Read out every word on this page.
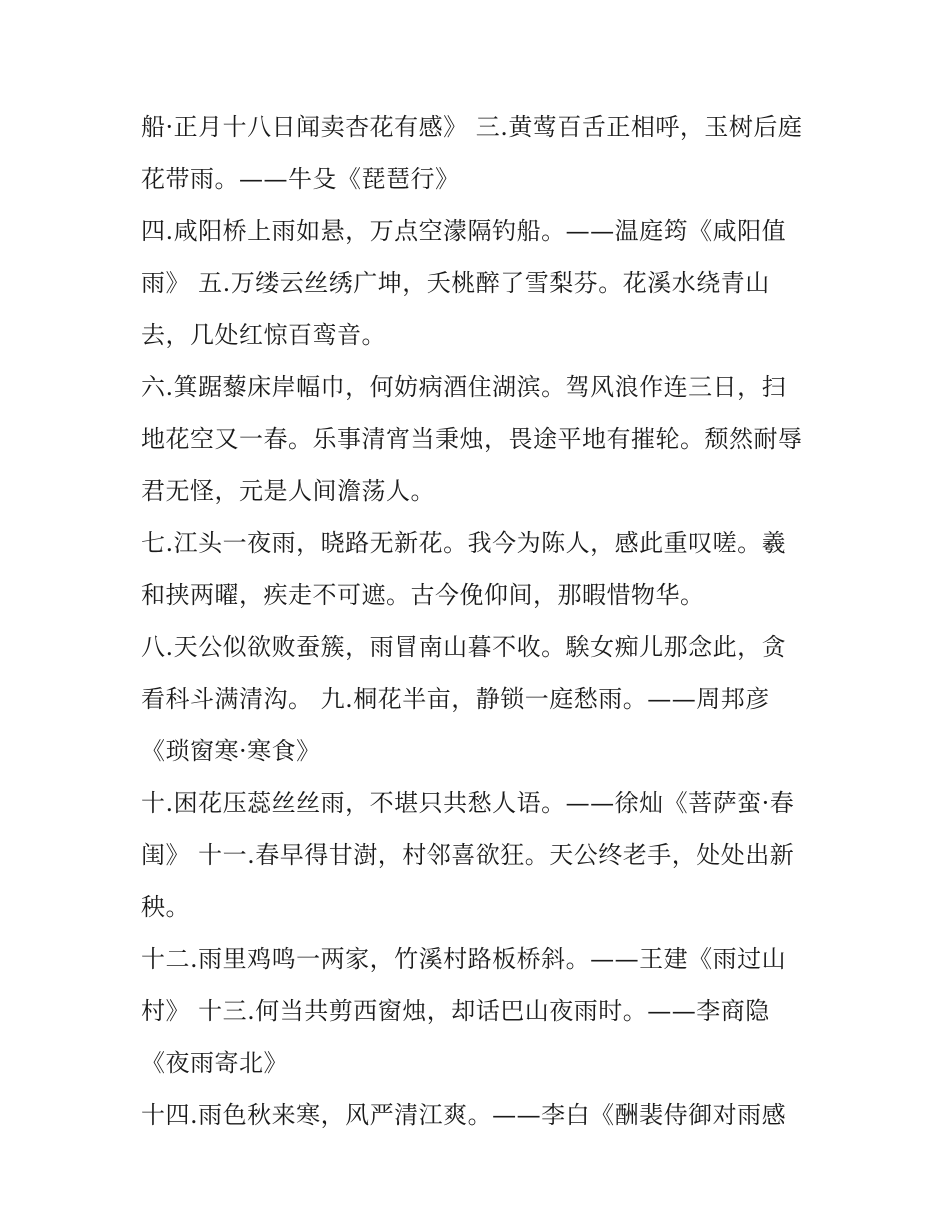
船·正月十八日闻卖杏花有感》 三.黄莺百舌正相呼，玉树后庭

花带雨。——牛殳《琵琶行》

四.咸阳桥上雨如悬，万点空濛隔钓船。——温庭筠《咸阳值

雨》 五.万缕云丝绣广坤，夭桃醉了雪梨芬。花溪水绕青山

去，几处红惊百鸾音。

六.箕踞藜床岸幅巾，何妨病酒住湖滨。驾风浪作连三日，扫

地花空又一春。乐事清宵当秉烛，畏途平地有摧轮。颓然耐辱

君无怪，元是人间澹荡人。

七.江头一夜雨，晓路无新花。我今为陈人，感此重叹嗟。羲

和挟两曜，疾走不可遮。古今俛仰间，那暇惜物华。

八.天公似欲败蚕簇，雨冒南山暮不收。騃女痴儿那念此，贪

看科斗满清沟。 九.桐花半亩，静锁一庭愁雨。——周邦彦

《琐窗寒·寒食》

十.困花压蕊丝丝雨，不堪只共愁人语。——徐灿《菩萨蛮·春

闺》 十一.春早得甘澍，村邻喜欲狂。天公终老手，处处出新

秧。

十二.雨里鸡鸣一两家，竹溪村路板桥斜。——王建《雨过山

村》 十三.何当共剪西窗烛，却话巴山夜雨时。——李商隐

《夜雨寄北》

十四.雨色秋来寒，风严清江爽。——李白《酬裴侍御对雨感
